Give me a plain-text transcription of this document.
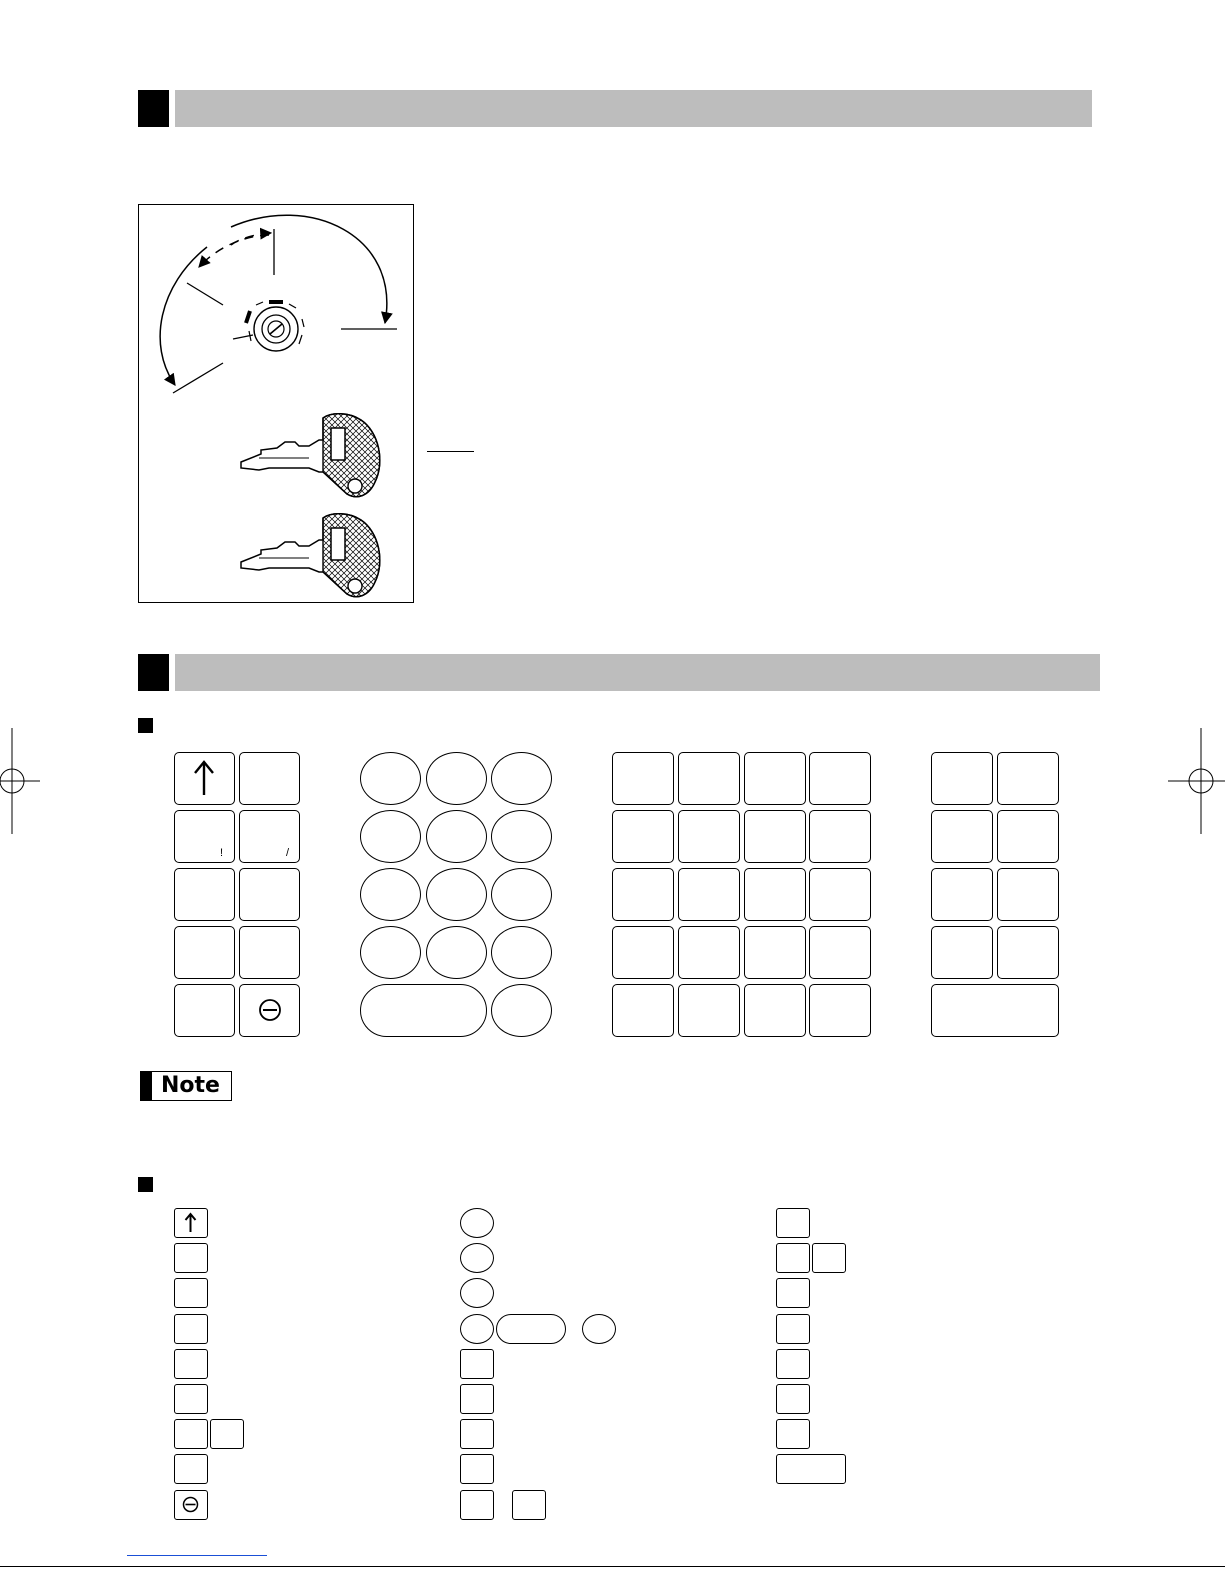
!	/
Note
